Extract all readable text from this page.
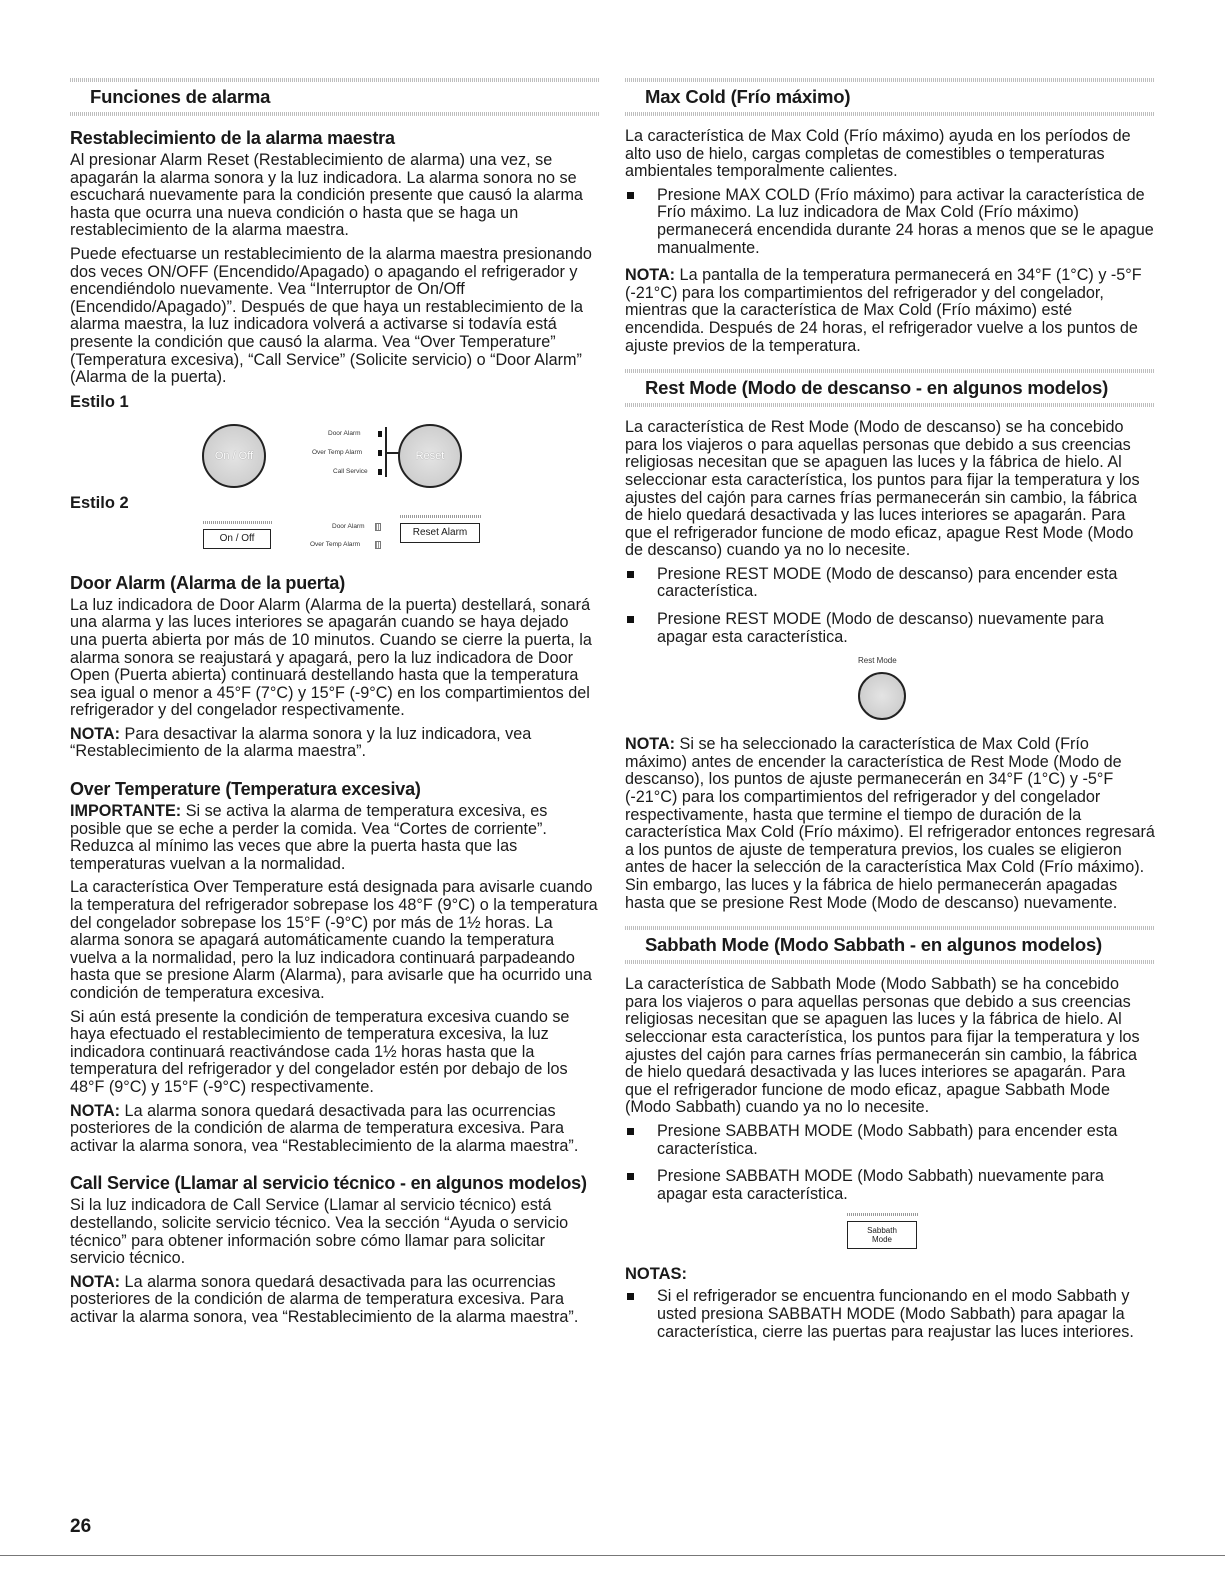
Funciones de alarma
Restablecimiento de la alarma maestra

Al presionar Alarm Reset (Restablecimiento de alarma) una vez, se apagarán la alarma sonora y la luz indicadora. La alarma sonora no se escuchará nuevamente para la condición presente que causó la alarma hasta que ocurra una nueva condición o hasta que se haga un restablecimiento de la alarma maestra.

Puede efectuarse un restablecimiento de la alarma maestra presionando dos veces ON/OFF (Encendido/Apagado) o apagando el refrigerador y encendiéndolo nuevamente. Vea “Interruptor de On/Off (Encendido/Apagado)”. Después de que haya un restablecimiento de la alarma maestra, la luz indicadora volverá a activarse si todavía está presente la condición que causó la alarma. Vea “Over Temperature” (Temperatura excesiva), “Call Service” (Solicite servicio) o “Door Alarm” (Alarma de la puerta).

Estilo 1
On / Off
Door Alarm
Over Temp Alarm
Call Service
Reset
Estilo 2
On / Off
Door Alarm
Over Temp Alarm
Reset Alarm
Door Alarm (Alarma de la puerta)

La luz indicadora de Door Alarm (Alarma de la puerta) destellará, sonará una alarma y las luces interiores se apagarán cuando se haya dejado una puerta abierta por más de 10 minutos. Cuando se cierre la puerta, la alarma sonora se reajustará y apagará, pero la luz indicadora de Door Open (Puerta abierta) continuará destellando hasta que la temperatura sea igual o menor a 45°F (7°C) y 15°F (-9°C) en los compartimientos del refrigerador y del congelador respectivamente.

NOTA: Para desactivar la alarma sonora y la luz indicadora, vea “Restablecimiento de la alarma maestra”.

Over Temperature (Temperatura excesiva)

IMPORTANTE: Si se activa la alarma de temperatura excesiva, es posible que se eche a perder la comida. Vea “Cortes de corriente”. Reduzca al mínimo las veces que abre la puerta hasta que las temperaturas vuelvan a la normalidad.

La característica Over Temperature está designada para avisarle cuando la temperatura del refrigerador sobrepase los 48°F (9°C) o la temperatura del congelador sobrepase los 15°F (-9°C) por más de 1½ horas. La alarma sonora se apagará automáticamente cuando la temperatura vuelva a la normalidad, pero la luz indicadora continuará parpadeando hasta que se presione Alarm (Alarma), para avisarle que ha ocurrido una condición de temperatura excesiva.

Si aún está presente la condición de temperatura excesiva cuando se haya efectuado el restablecimiento de temperatura excesiva, la luz indicadora continuará reactivándose cada 1½ horas hasta que la temperatura del refrigerador y del congelador estén por debajo de los 48°F (9°C) y 15°F (-9°C) respectivamente.

NOTA: La alarma sonora quedará desactivada para las ocurrencias posteriores de la condición de alarma de temperatura excesiva. Para activar la alarma sonora, vea “Restablecimiento de la alarma maestra”.

Call Service (Llamar al servicio técnico - en algunos modelos)

Si la luz indicadora de Call Service (Llamar al servicio técnico) está destellando, solicite servicio técnico. Vea la sección “Ayuda o servicio técnico” para obtener información sobre cómo llamar para solicitar servicio técnico.

NOTA: La alarma sonora quedará desactivada para las ocurrencias posteriores de la condición de alarma de temperatura excesiva. Para activar la alarma sonora, vea “Restablecimiento de la alarma maestra”.

Max Cold (Frío máximo)

La característica de Max Cold (Frío máximo) ayuda en los períodos de alto uso de hielo, cargas completas de comestibles o temperaturas ambientales temporalmente calientes.

Presione MAX COLD (Frío máximo) para activar la característica de Frío máximo. La luz indicadora de Max Cold (Frío máximo) permanecerá encendida durante 24 horas a menos que se le apague manualmente.

NOTA: La pantalla de la temperatura permanecerá en 34°F (1°C) y -5°F (-21°C) para los compartimientos del refrigerador y del congelador, mientras que la característica de Max Cold (Frío máximo) esté encendida. Después de 24 horas, el refrigerador vuelve a los puntos de ajuste previos de la temperatura.

Rest Mode (Modo de descanso - en algunos modelos)

La característica de Rest Mode (Modo de descanso) se ha concebido para los viajeros o para aquellas personas que debido a sus creencias religiosas necesitan que se apaguen las luces y la fábrica de hielo. Al seleccionar esta característica, los puntos para fijar la temperatura y los ajustes del cajón para carnes frías permanecerán sin cambio, la fábrica de hielo quedará desactivada y las luces interiores se apagarán. Para que el refrigerador funcione de modo eficaz, apague Rest Mode (Modo de descanso) cuando ya no lo necesite.

Presione REST MODE (Modo de descanso) para encender esta característica.
Presione REST MODE (Modo de descanso) nuevamente para apagar esta característica.
Rest Mode

NOTA: Si se ha seleccionado la característica de Max Cold (Frío máximo) antes de encender la característica de Rest Mode (Modo de descanso), los puntos de ajuste permanecerán en 34°F (1°C) y -5°F (-21°C) para los compartimientos del refrigerador y del congelador respectivamente, hasta que termine el tiempo de duración de la característica Max Cold (Frío máximo). El refrigerador entonces regresará a los puntos de ajuste de temperatura previos, los cuales se eligieron antes de hacer la selección de la característica Max Cold (Frío máximo). Sin embargo, las luces y la fábrica de hielo permanecerán apagadas hasta que se presione Rest Mode (Modo de descanso) nuevamente.

Sabbath Mode (Modo Sabbath - en algunos modelos)

La característica de Sabbath Mode (Modo Sabbath) se ha concebido para los viajeros o para aquellas personas que debido a sus creencias religiosas necesitan que se apaguen las luces y la fábrica de hielo. Al seleccionar esta característica, los puntos para fijar la temperatura y los ajustes del cajón para carnes frías permanecerán sin cambio, la fábrica de hielo quedará desactivada y las luces interiores se apagarán. Para que el refrigerador funcione de modo eficaz, apague Sabbath Mode (Modo Sabbath) cuando ya no lo necesite.

Presione SABBATH MODE (Modo Sabbath) para encender esta característica.
Presione SABBATH MODE (Modo Sabbath) nuevamente para apagar esta característica.
Sabbath
Mode
NOTAS:
Si el refrigerador se encuentra funcionando en el modo Sabbath y usted presiona SABBATH MODE (Modo Sabbath) para apagar la característica, cierre las puertas para reajustar las luces interiores.
26
